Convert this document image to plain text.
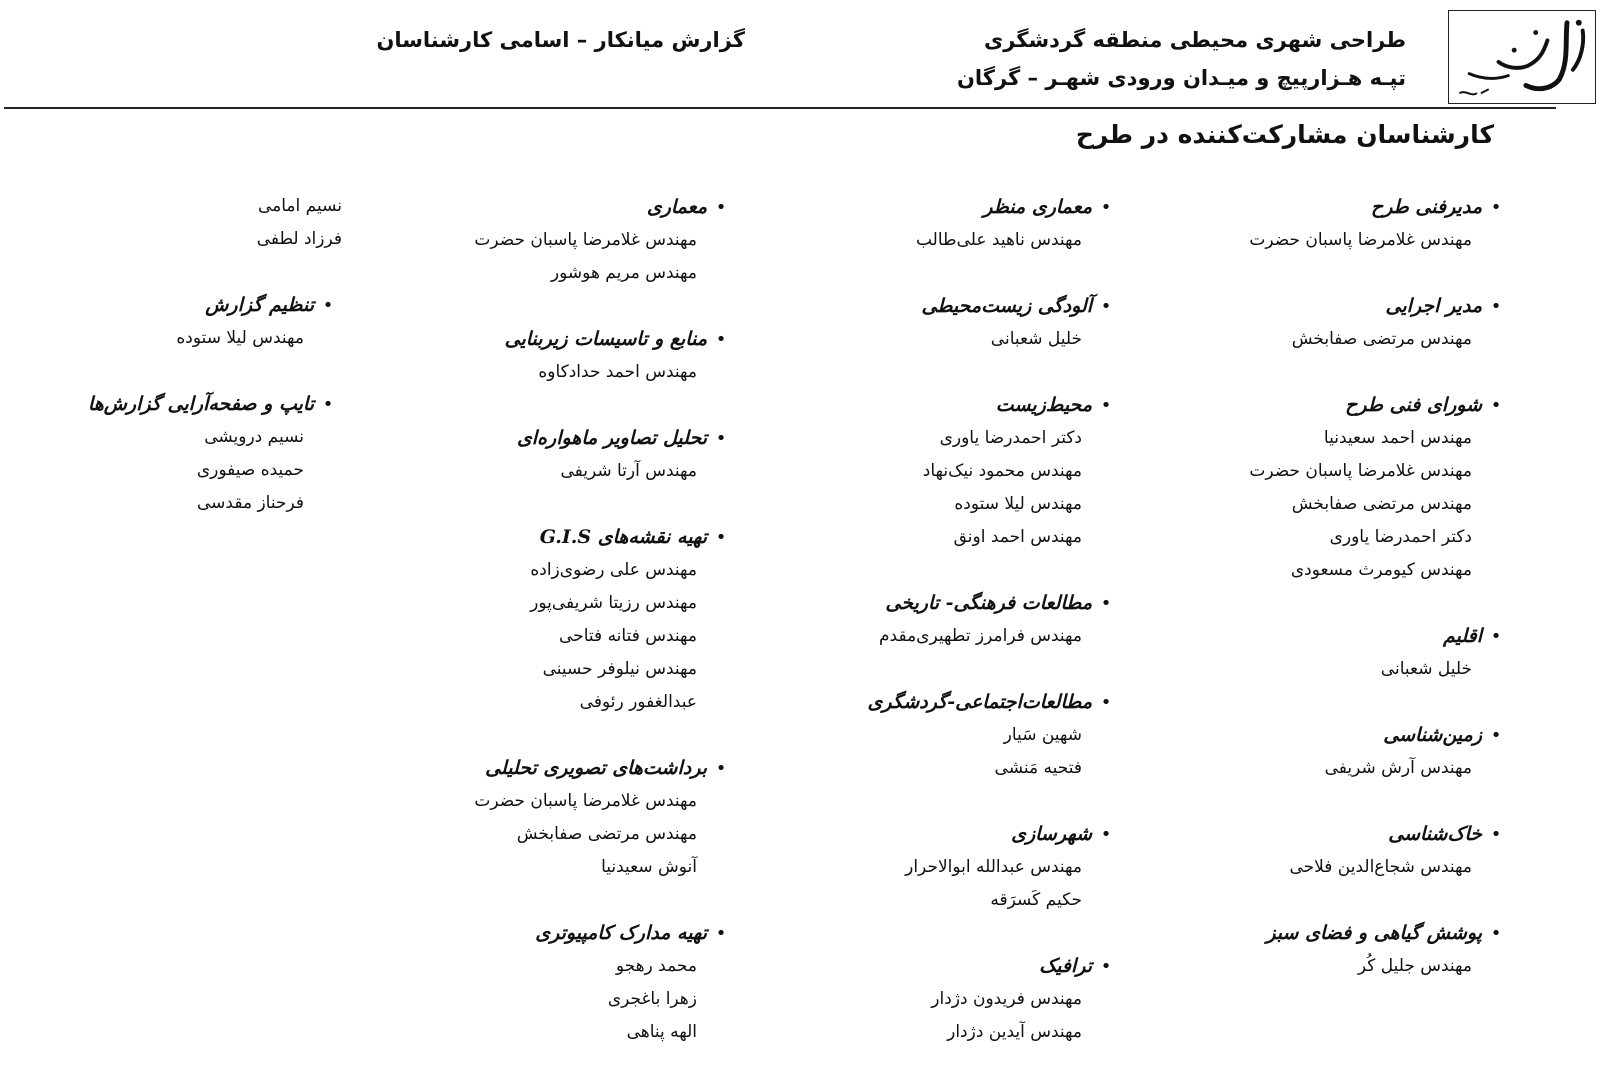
طراحی شهری محیطی منطقه گردشگری
تپـه هـزارپیچ و میـدان ورودی شهـر – گرگان
گزارش میانکار – اسامی کارشناسان
کارشناسان مشارکت‌کننده در طرح
•
مدیرفنی طرح
مهندس غلامرضا پاسبان حضرت
•
مدیر اجرایی
مهندس مرتضی صفابخش
•
شورای فنی طرح
مهندس احمد سعیدنیا
مهندس غلامرضا پاسبان حضرت
مهندس مرتضی صفابخش
دکتر احمدرضا یاوری
مهندس کیومرث مسعودی
•
اقلیم
خلیل شعبانی
•
زمین‌شناسی
مهندس آرش شریفی
•
خاک‌شناسی
مهندس شجاع‌الدین فلاحی
•
پوشش گیاهی و فضای سبز
مهندس جلیل کُر
•
معماری منظر
مهندس ناهید علی‌طالب
•
آلودگی زیست‌محیطی
خلیل شعبانی
•
محیط‌زیست
دکتر احمدرضا یاوری
مهندس محمود نیک‌نهاد
مهندس لیلا ستوده
مهندس احمد اونق
•
مطالعات فرهنگی- تاریخی
مهندس فرامرز تطهیری‌مقدم
•
مطالعات‌اجتماعی-گردشگری
شهین سَیار
فتحیه مَنشی
•
شهرسازی
مهندس عبدالله ابوالاحرار
حکیم کَسرَقه
•
ترافیک
مهندس فریدون دژدار
مهندس آیدین دژدار
•
معماری
مهندس غلامرضا پاسبان حضرت
مهندس مریم هوشور
•
منابع و تاسیسات زیربنایی
مهندس احمد حدادکاوه
•
تحلیل تصاویر ماهواره‌ای
مهندس آرتا شریفی
•
تهیه نقشه‌های G.I.S
مهندس علی رضوی‌زاده
مهندس رزیتا شریفی‌پور
مهندس فتانه فتاحی
مهندس نیلوفر حسینی
عبدالغفور رئوفی
•
برداشت‌های تصویری تحلیلی
مهندس غلامرضا پاسبان حضرت
مهندس مرتضی صفابخش
آنوش سعیدنیا
•
تهیه مدارک کامپیوتری
محمد رهجو
زهرا باغجری
الهه پناهی
نسیم امامی
فرزاد لطفی
•
تنظیم گزارش
مهندس لیلا ستوده
•
تایپ و صفحه‌آرایی گزارش‌ها
نسیم درویشی
حمیده صیفوری
فرحناز مقدسی
